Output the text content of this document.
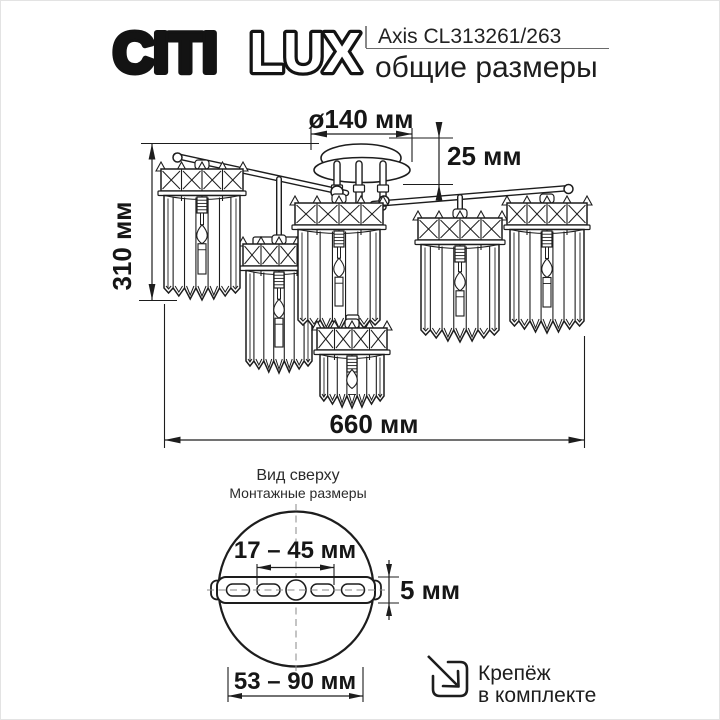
CITI LUX Axis CL313261/263
общие размеры
ø140 мм
25 мм
310 мм
660 мм
Вид сверху
Монтажные размеры
17 – 45 мм
5 мм
53 – 90 мм	Крепёж
в комплекте
